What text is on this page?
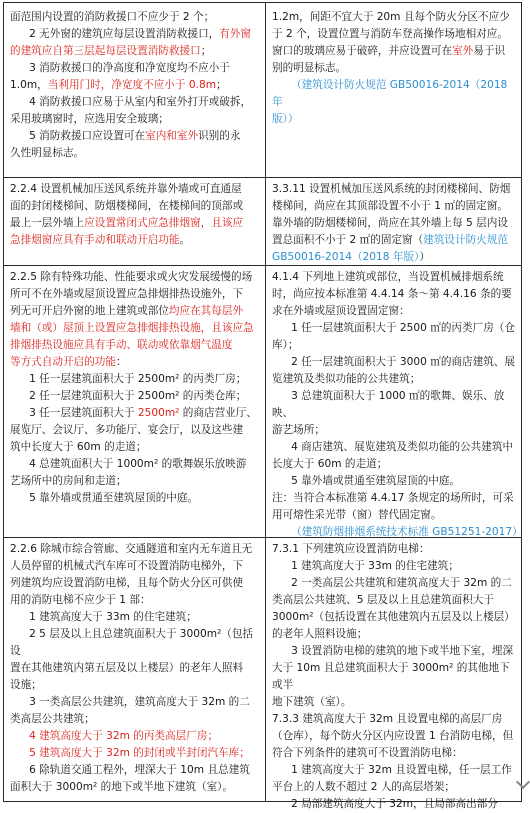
面范围内设置的消防救援口不应少于 2 个；

2 无外窗的建筑应每层设置消防救援口，有外窗的建筑应自第三层起每层设置消防救援口；

3 消防救援口的净高度和净宽度均不应小于

1.0m，当利用门时，净宽度不应小于 0.8m；

4 消防救援口应易于从室内和室外打开或破拆，

采用玻璃窗时，应选用安全玻璃；

5 消防救援口应设置可在室内和室外识别的永

久性明显标志。

1.2m，间距不宜大于 20m 且每个防火分区不应少

于 2 个，设置位置与消防车登高操作场地相对应。

窗口的玻璃应易于破碎，并应设置可在室外易于识

别的明显标志。

（建筑设计防火规范 GB50016-2014（2018 年

版））

2.2.4 设置机械加压送风系统并靠外墙或可直通屋

面的封闭楼梯间、防烟楼梯间，在楼梯间的顶部或

最上一层外墙上应设置常闭式应急排烟窗，且该应

急排烟窗应具有手动和联动开启功能。

3.3.11 设置机械加压送风系统的封闭楼梯间、防烟

楼梯间，尚应在其顶部设置不小于 1 ㎡的固定窗。

靠外墙的防烟楼梯间，尚应在其外墙上每 5 层内设

置总面积不小于 2 ㎡的固定窗（建筑设计防火规范

GB50016-2014（2018 年版））

2.2.5 除有特殊功能、性能要求或火灾发展缓慢的场

所可不在外墙或屋顶设置应急排烟排热设施外，下

列无可开启外窗的地上建筑或部位均应在其每层外

墙和（或）屋顶上设置应急排烟排热设施，且该应急

排烟排热设施应具有手动、联动或依靠烟气温度

等方式自动开启的功能：

1 任一层建筑面积大于 2500m² 的丙类厂房；

2 任一层建筑面积大于 2500m² 的丙类仓库；

3 任一层建筑面积大于 2500m² 的商店营业厅、

展览厅、会议厅、多功能厅、宴会厅，以及这些建

筑中长度大于 60m 的走道；

4 总建筑面积大于 1000m² 的歌舞娱乐放映游

艺场所中的房间和走道；

5 靠外墙或贯通至建筑屋顶的中庭。

4.1.4 下列地上建筑或部位，当设置机械排烟系统

时，尚应按本标准第 4.4.14 条～第 4.4.16 条的要

求在外墙或屋顶设置固定窗：

1 任一层建筑面积大于 2500 ㎡的丙类厂房（仓

库）；

2 任一层建筑面积大于 3000 ㎡的商店建筑、展

览建筑及类似功能的公共建筑；

3 总建筑面积大于 1000 ㎡的歌舞、娱乐、放映、

游艺场所；

4 商店建筑、展览建筑及类似功能的公共建筑中

长度大于 60m 的走道；

5 靠外墙或贯通至建筑屋顶的中庭。

注：当符合本标准第 4.4.17 条规定的场所时，可采

用可熔性采光带（窗）替代固定窗。

（建筑防烟排烟系统技术标准 GB51251-2017）

2.2.6 除城市综合管廊、交通隧道和室内无车道且无

人员停留的机械式汽车库可不设置消防电梯外，下

列建筑均应设置消防电梯，且每个防火分区可供使

用的消防电梯不应少于 1 部：

1 建筑高度大于 33m 的住宅建筑；

2 5 层及以上且总建筑面积大于 3000m²（包括设

置在其他建筑内第五层及以上楼层）的老年人照料

设施；

3 一类高层公共建筑，建筑高度大于 32m 的二

类高层公共建筑；

4 建筑高度大于 32m 的丙类高层厂房；

5 建筑高度大于 32m 的封闭或半封闭汽车库；

6 除轨道交通工程外，埋深大于 10m 且总建筑

面积大于 3000m² 的地下或半地下建筑（室）。

7.3.1 下列建筑应设置消防电梯：

1 建筑高度大于 33m 的住宅建筑；

2 一类高层公共建筑和建筑高度大于 32m 的二

类高层公共建筑、5 层及以上且总建筑面积大于

3000m²（包括设置在其他建筑内五层及以上楼层）

的老年人照料设施；

3 设置消防电梯的建筑的地下或半地下室，埋深

大于 10m 且总建筑面积大于 3000m² 的其他地下或半

地下建筑（室）。

7.3.3 建筑高度大于 32m 且设置电梯的高层厂房

（仓库），每个防火分区内应设置 1 台消防电梯，但

符合下列条件的建筑可不设置消防电梯：

1 建筑高度大于 32m 且设置电梯，任一层工作

平台上的人数不超过 2 人的高层塔架；

2 局部建筑高度大于 32m，且局部高出部分
